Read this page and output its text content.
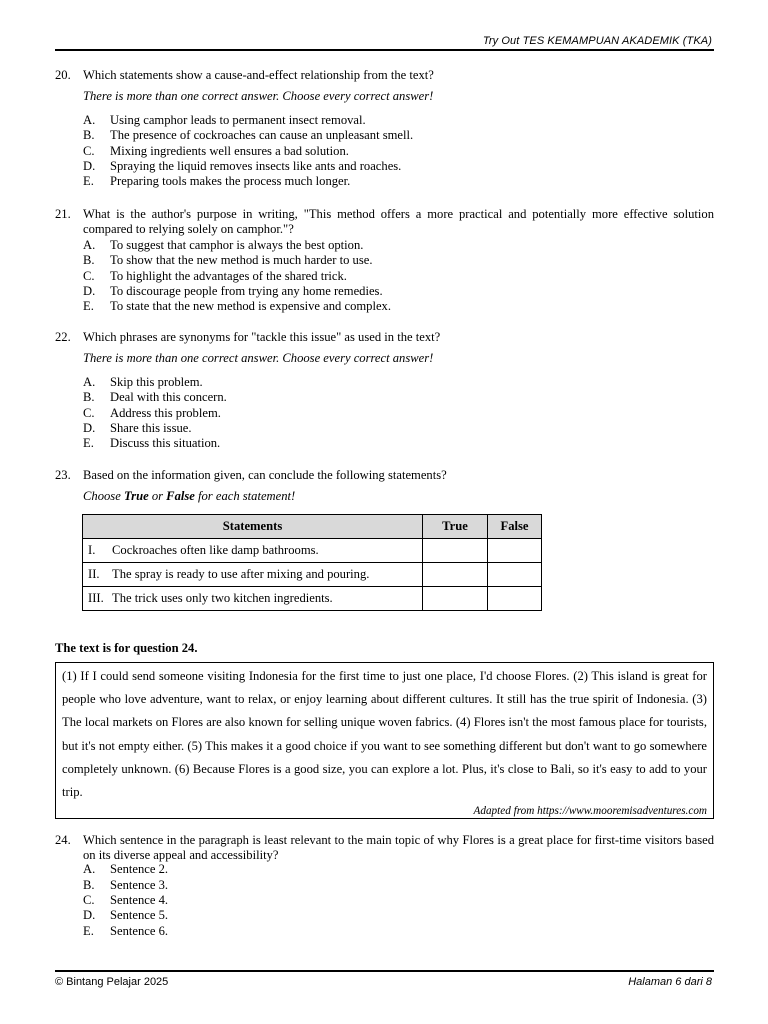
Try Out TES KEMAMPUAN AKADEMIK (TKA)
20. Which statements show a cause-and-effect relationship from the text?
There is more than one correct answer. Choose every correct answer!
A. Using camphor leads to permanent insect removal.
B. The presence of cockroaches can cause an unpleasant smell.
C. Mixing ingredients well ensures a bad solution.
D. Spraying the liquid removes insects like ants and roaches.
E. Preparing tools makes the process much longer.
21. What is the author's purpose in writing, "This method offers a more practical and potentially more effective solution compared to relying solely on camphor."?
A. To suggest that camphor is always the best option.
B. To show that the new method is much harder to use.
C. To highlight the advantages of the shared trick.
D. To discourage people from trying any home remedies.
E. To state that the new method is expensive and complex.
22. Which phrases are synonyms for "tackle this issue" as used in the text?
There is more than one correct answer. Choose every correct answer!
A. Skip this problem.
B. Deal with this concern.
C. Address this problem.
D. Share this issue.
E. Discuss this situation.
23. Based on the information given, can conclude the following statements?
Choose True or False for each statement!
Statements	True	False

I. Cockroaches often like damp bathrooms.		

II. The spray is ready to use after mixing and pouring.		

III. The trick uses only two kitchen ingredients.		
The text is for question 24.
(1) If I could send someone visiting Indonesia for the first time to just one place, I'd choose Flores. (2) This island is great for people who love adventure, want to relax, or enjoy learning about different cultures. It still has the true spirit of Indonesia. (3) The local markets on Flores are also known for selling unique woven fabrics. (4) Flores isn't the most famous place for tourists, but it's not empty either. (5) This makes it a good choice if you want to see something different but don't want to go somewhere completely unknown. (6) Because Flores is a good size, you can explore a lot. Plus, it's close to Bali, so it's easy to add to your trip.
Adapted from https://www.mooremisadventures.com
24. Which sentence in the paragraph is least relevant to the main topic of why Flores is a great place for first-time visitors based on its diverse appeal and accessibility?
A. Sentence 2.
B. Sentence 3.
C. Sentence 4.
D. Sentence 5.
E. Sentence 6.
© Bintang Pelajar 2025	Halaman 6 dari 8
